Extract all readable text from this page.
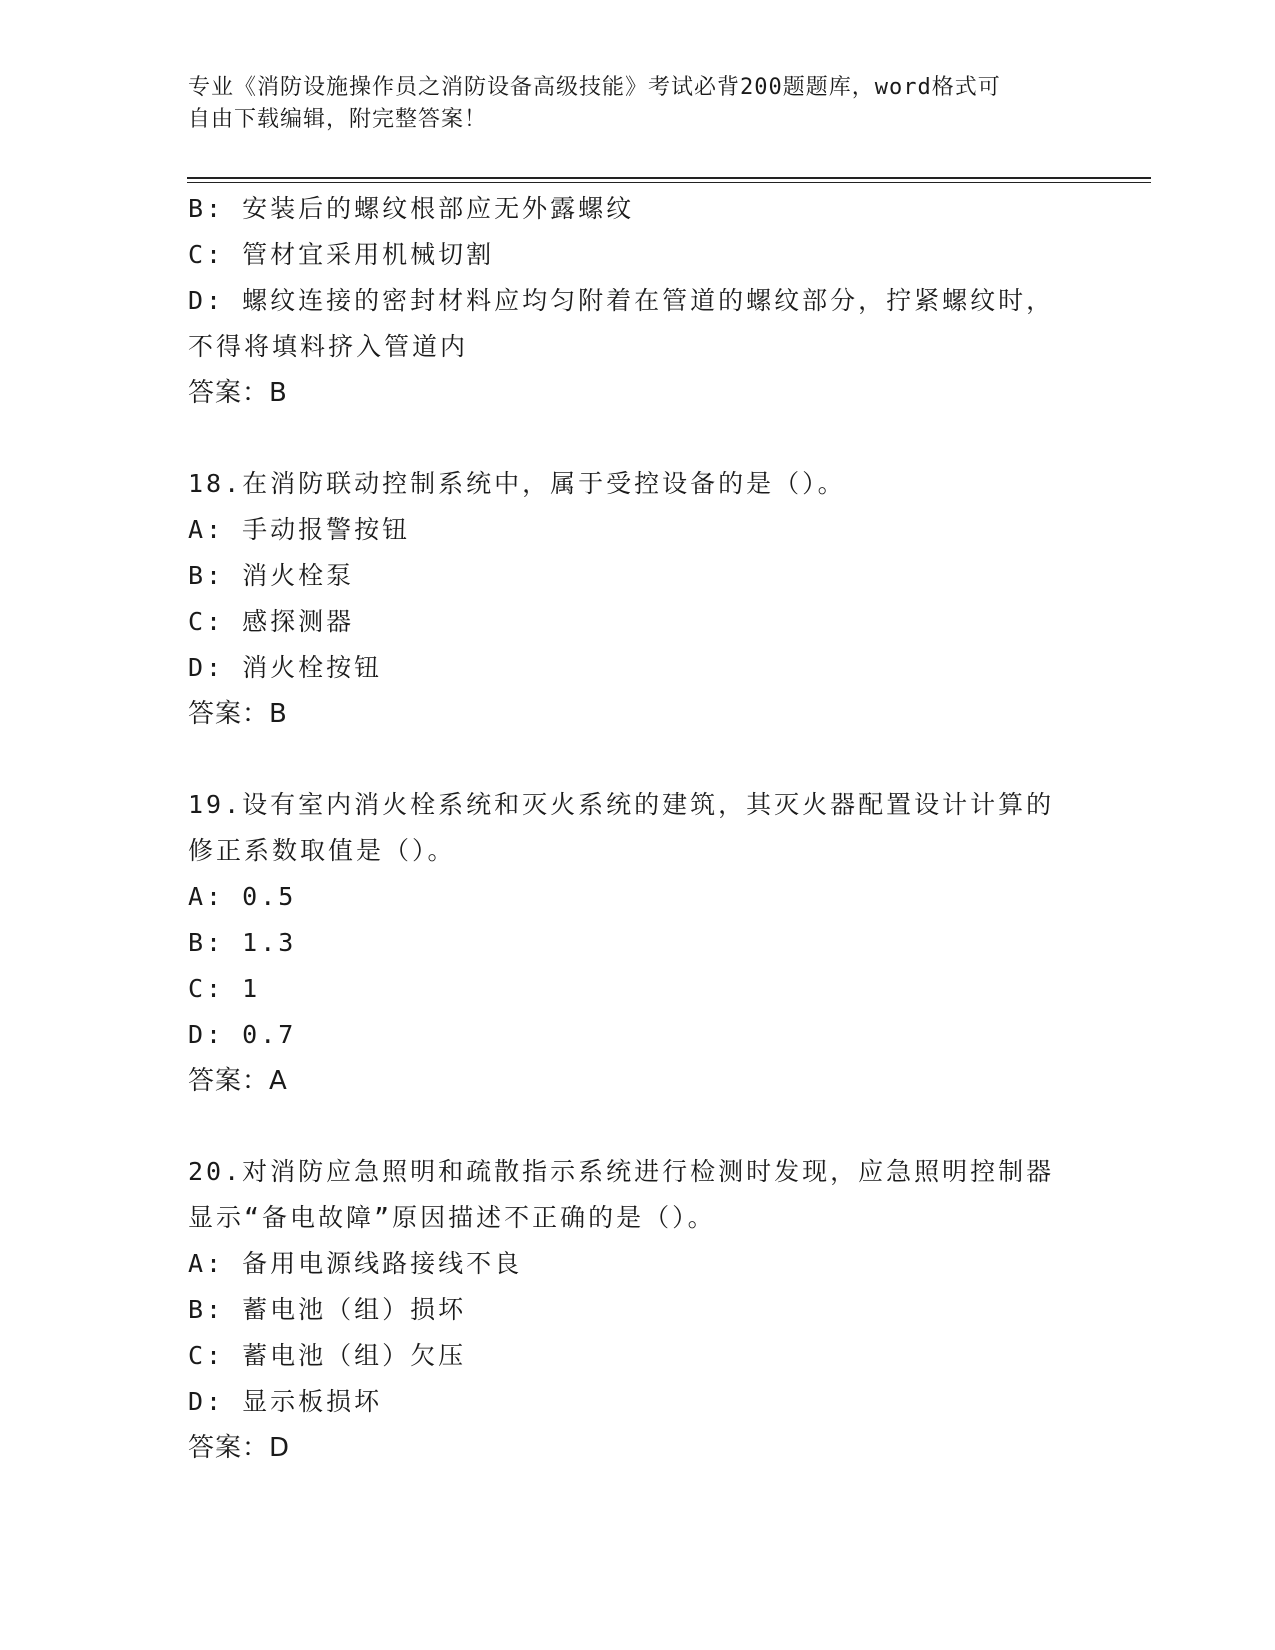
专业《消防设施操作员之消防设备高级技能》考试必背200题题库，word格式可
自由下载编辑，附完整答案！
B: 安装后的螺纹根部应无外露螺纹
C: 管材宜采用机械切割
D: 螺纹连接的密封材料应均匀附着在管道的螺纹部分，拧紧螺纹时，
不得将填料挤入管道内
答案：B
18.在消防联动控制系统中，属于受控设备的是（）。
A: 手动报警按钮
B: 消火栓泵
C: 感探测器
D: 消火栓按钮
答案：B
19.设有室内消火栓系统和灭火系统的建筑，其灭火器配置设计计算的
修正系数取值是（）。
A: 0.5
B: 1.3
C: 1
D: 0.7
答案：A
20.对消防应急照明和疏散指示系统进行检测时发现，应急照明控制器
显示“备电故障”原因描述不正确的是（）。
A: 备用电源线路接线不良
B: 蓄电池（组）损坏
C: 蓄电池（组）欠压
D: 显示板损坏
答案：D
